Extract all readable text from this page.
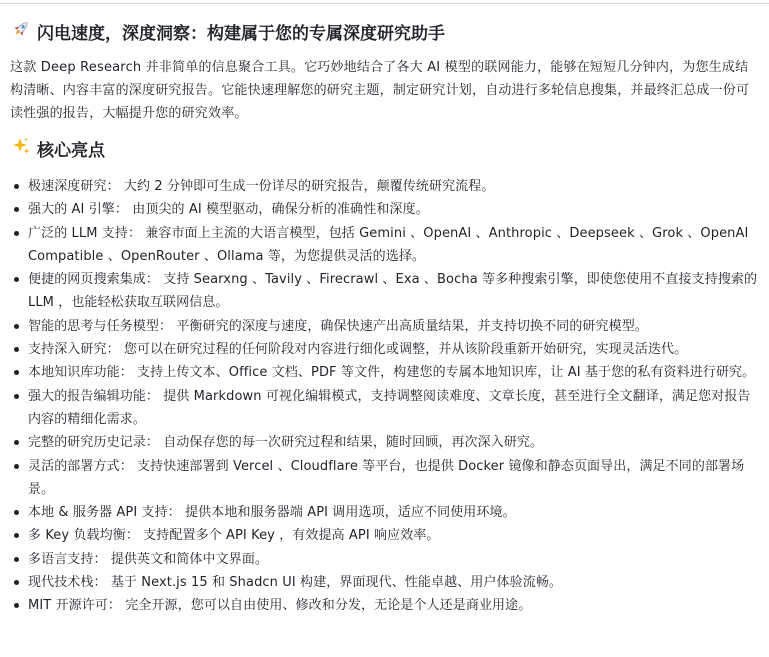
闪电速度，深度洞察：构建属于您的专属深度研究助手

这款 Deep Research 并非简单的信息聚合工具。它巧妙地结合了各大 AI 模型的联网能力，能够在短短几分钟内，为您生成结构清晰、内容丰富的深度研究报告。它能快速理解您的研究主题，制定研究计划，自动进行多轮信息搜集，并最终汇总成一份可读性强的报告，大幅提升您的研究效率。

核心亮点
极速深度研究： 大约 2 分钟即可生成一份详尽的研究报告，颠覆传统研究流程。
强大的 AI 引擎： 由顶尖的 AI 模型驱动，确保分析的准确性和深度。
广泛的 LLM 支持： 兼容市面上主流的大语言模型，包括 Gemini 、OpenAI 、Anthropic 、Deepseek 、Grok 、OpenAI Compatible 、OpenRouter 、Ollama 等，为您提供灵活的选择。
便捷的网页搜索集成： 支持 Searxng 、Tavily 、Firecrawl 、Exa 、Bocha 等多种搜索引擎，即使您使用不直接支持搜索的 LLM ，也能轻松获取互联网信息。
智能的思考与任务模型： 平衡研究的深度与速度，确保快速产出高质量结果，并支持切换不同的研究模型。
支持深入研究： 您可以在研究过程的任何阶段对内容进行细化或调整，并从该阶段重新开始研究，实现灵活迭代。
本地知识库功能： 支持上传文本、Office 文档、PDF 等文件，构建您的专属本地知识库，让 AI 基于您的私有资料进行研究。
强大的报告编辑功能： 提供 Markdown 可视化编辑模式，支持调整阅读难度、文章长度，甚至进行全文翻译，满足您对报告内容的精细化需求。
完整的研究历史记录： 自动保存您的每一次研究过程和结果，随时回顾，再次深入研究。
灵活的部署方式： 支持快速部署到 Vercel 、Cloudflare 等平台，也提供 Docker 镜像和静态页面导出，满足不同的部署场景。
本地 & 服务器 API 支持： 提供本地和服务器端 API 调用选项，适应不同使用环境。
多 Key 负载均衡： 支持配置多个 API Key ，有效提高 API 响应效率。
多语言支持： 提供英文和简体中文界面。
现代技术栈： 基于 Next.js 15 和 Shadcn UI 构建，界面现代、性能卓越、用户体验流畅。
MIT 开源许可： 完全开源，您可以自由使用、修改和分发，无论是个人还是商业用途。
